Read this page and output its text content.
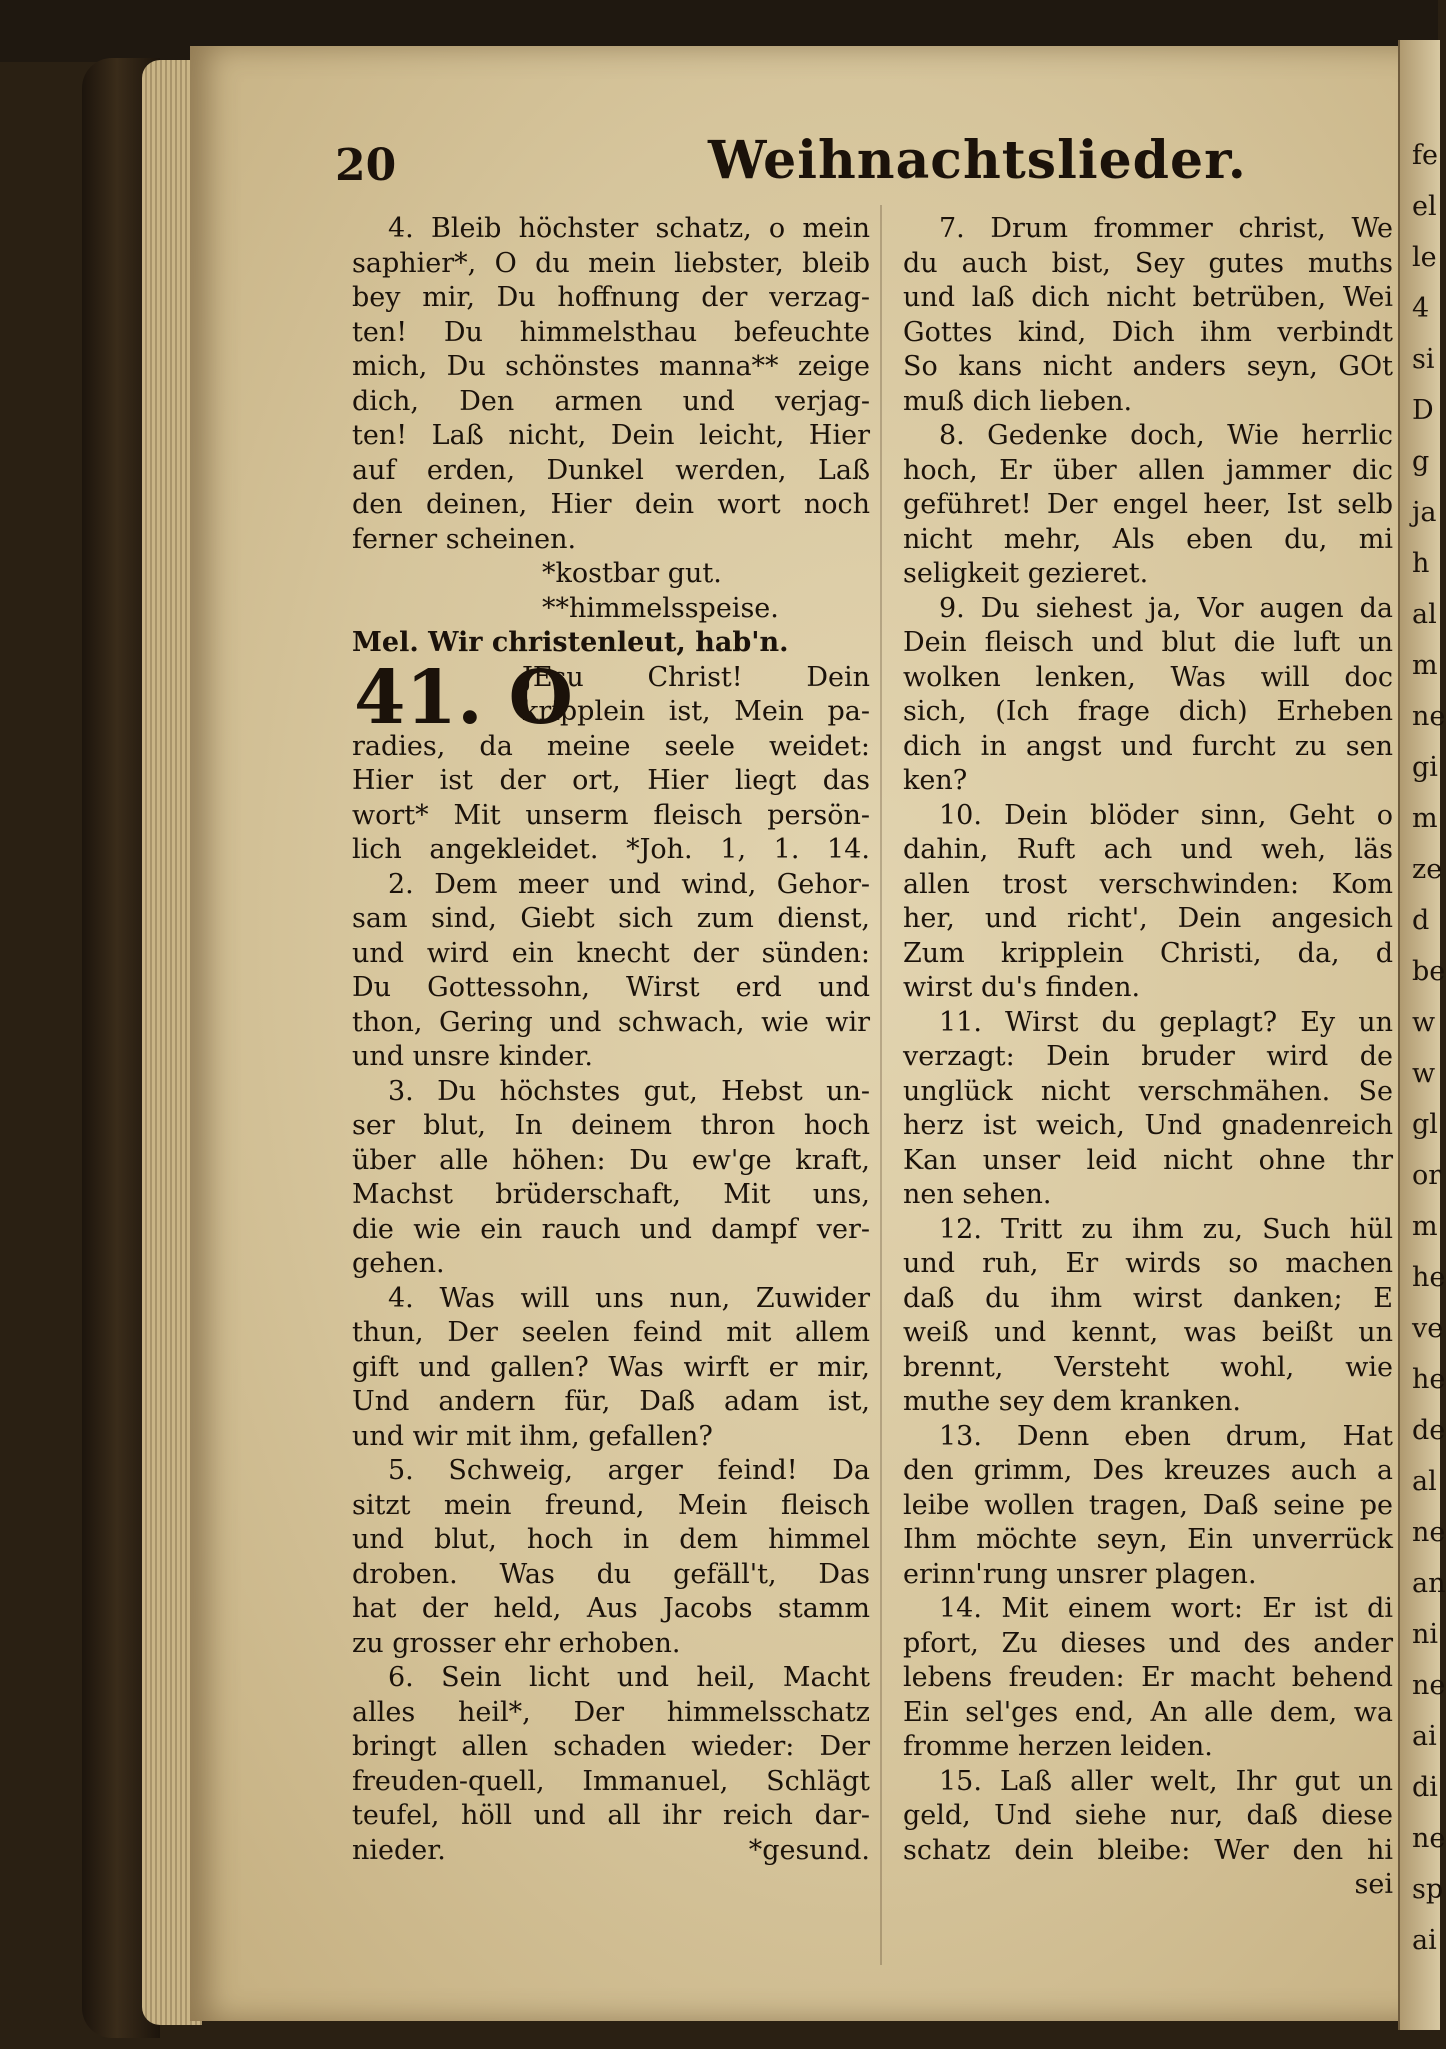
20	Weihnachtslieder.
4. Bleib höchster schatz, o mein
saphier*, O du mein liebster, bleib
bey mir, Du hoffnung der verzag-
ten! Du himmelsthau befeuchte
mich, Du schönstes manna** zeige
dich, Den armen und verjag-
ten! Laß nicht, Dein leicht, Hier
auf erden, Dunkel werden, Laß
den deinen, Hier dein wort noch
ferner scheinen.
*kostbar gut.
**himmelsspeise.
Mel. Wir christenleut, hab'n.
41. O
JEsu Christ! Dein
kripplein ist, Mein pa-
radies, da meine seele weidet:
Hier ist der ort, Hier liegt das
wort* Mit unserm fleisch persön-
lich angekleidet. *Joh. 1, 1. 14.
2. Dem meer und wind, Gehor-
sam sind, Giebt sich zum dienst,
und wird ein knecht der sünden:
Du Gottessohn, Wirst erd und
thon, Gering und schwach, wie wir
und unsre kinder.
3. Du höchstes gut, Hebst un-
ser blut, In deinem thron hoch
über alle höhen: Du ew'ge kraft,
Machst brüderschaft, Mit uns,
die wie ein rauch und dampf ver-
gehen.
4. Was will uns nun, Zuwider
thun, Der seelen feind mit allem
gift und gallen? Was wirft er mir,
Und andern für, Daß adam ist,
und wir mit ihm, gefallen?
5. Schweig, arger feind! Da
sitzt mein freund, Mein fleisch
und blut, hoch in dem himmel
droben. Was du gefäll't, Das
hat der held, Aus Jacobs stamm
zu grosser ehr erhoben.
6. Sein licht und heil, Macht
alles heil*, Der himmelsschatz
bringt allen schaden wieder: Der
freuden-quell, Immanuel, Schlägt
teufel, höll und all ihr reich dar-
nieder. *gesund.
7. Drum frommer christ, We
du auch bist, Sey gutes muths
und laß dich nicht betrüben, Wei
Gottes kind, Dich ihm verbindt
So kans nicht anders seyn, GOt
muß dich lieben.
8. Gedenke doch, Wie herrlic
hoch, Er über allen jammer dic
geführet! Der engel heer, Ist selb
nicht mehr, Als eben du, mi
seligkeit gezieret.
9. Du siehest ja, Vor augen da
Dein fleisch und blut die luft un
wolken lenken, Was will doc
sich, (Ich frage dich) Erheben
dich in angst und furcht zu sen
ken?
10. Dein blöder sinn, Geht o
dahin, Ruft ach und weh, läs
allen trost verschwinden: Kom
her, und richt', Dein angesich
Zum kripplein Christi, da, d
wirst du's finden.
11. Wirst du geplagt? Ey un
verzagt: Dein bruder wird de
unglück nicht verschmähen. Se
herz ist weich, Und gnadenreich
Kan unser leid nicht ohne thr
nen sehen.
12. Tritt zu ihm zu, Such hül
und ruh, Er wirds so machen
daß du ihm wirst danken; E
weiß und kennt, was beißt un
brennt, Versteht wohl, wie
muthe sey dem kranken.
13. Denn eben drum, Hat
den grimm, Des kreuzes auch a
leibe wollen tragen, Daß seine pe
Ihm möchte seyn, Ein unverrück
erinn'rung unsrer plagen.
14. Mit einem wort: Er ist di
pfort, Zu dieses und des ander
lebens freuden: Er macht behend
Ein sel'ges end, An alle dem, wa
fromme herzen leiden.
15. Laß aller welt, Ihr gut un
geld, Und siehe nur, daß diese
schatz dein bleibe: Wer den hi
sei
fe
el
le
4
si
D
g
ja
h
al
m
ne
gi
m
ze
d
be
w
w
gl
or
m
he
ve
he
de
al
ne
an
ni
ne
ai
di
ne
sp
ai
